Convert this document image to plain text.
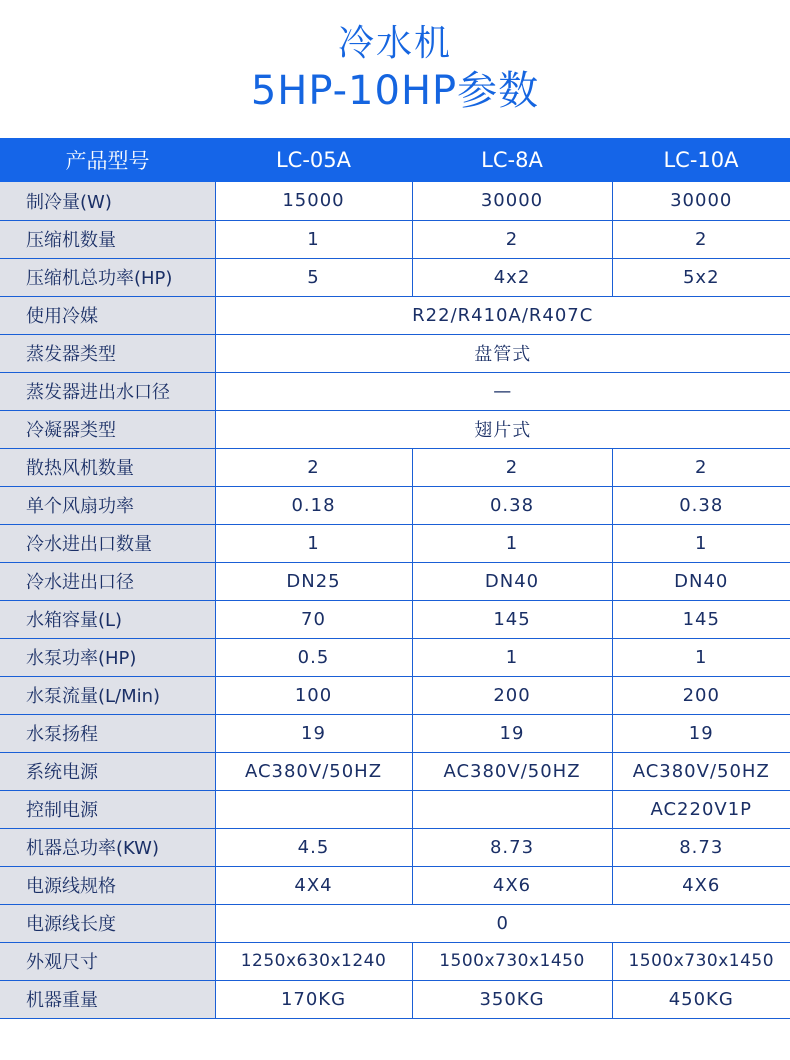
冷水机
5HP-10HP参数
产品型号	LC-05A	LC-8A	LC-10A
制冷量(W)	15000	30000	30000
压缩机数量	1	2	2
压缩机总功率(HP)	5	4x2	5x2
使用冷媒	R22/R410A/R407C		
蒸发器类型	盘管式		
蒸发器进出水口径	—		
冷凝器类型	翅片式		
散热风机数量	2	2	2
单个风扇功率	0.18	0.38	0.38
冷水进出口数量	1	1	1
冷水进出口径	DN25	DN40	DN40
水箱容量(L)	70	145	145
水泵功率(HP)	0.5	1	1
水泵流量(L/Min)	100	200	200
水泵扬程	19	19	19
系统电源	AC380V/50HZ	AC380V/50HZ	AC380V/50HZ
控制电源			AC220V1P
机器总功率(KW)	4.5	8.73	8.73
电源线规格	4X4	4X6	4X6
电源线长度	0		
外观尺寸	1250x630x1240	1500x730x1450	1500x730x1450
机器重量	170KG	350KG	450KG
